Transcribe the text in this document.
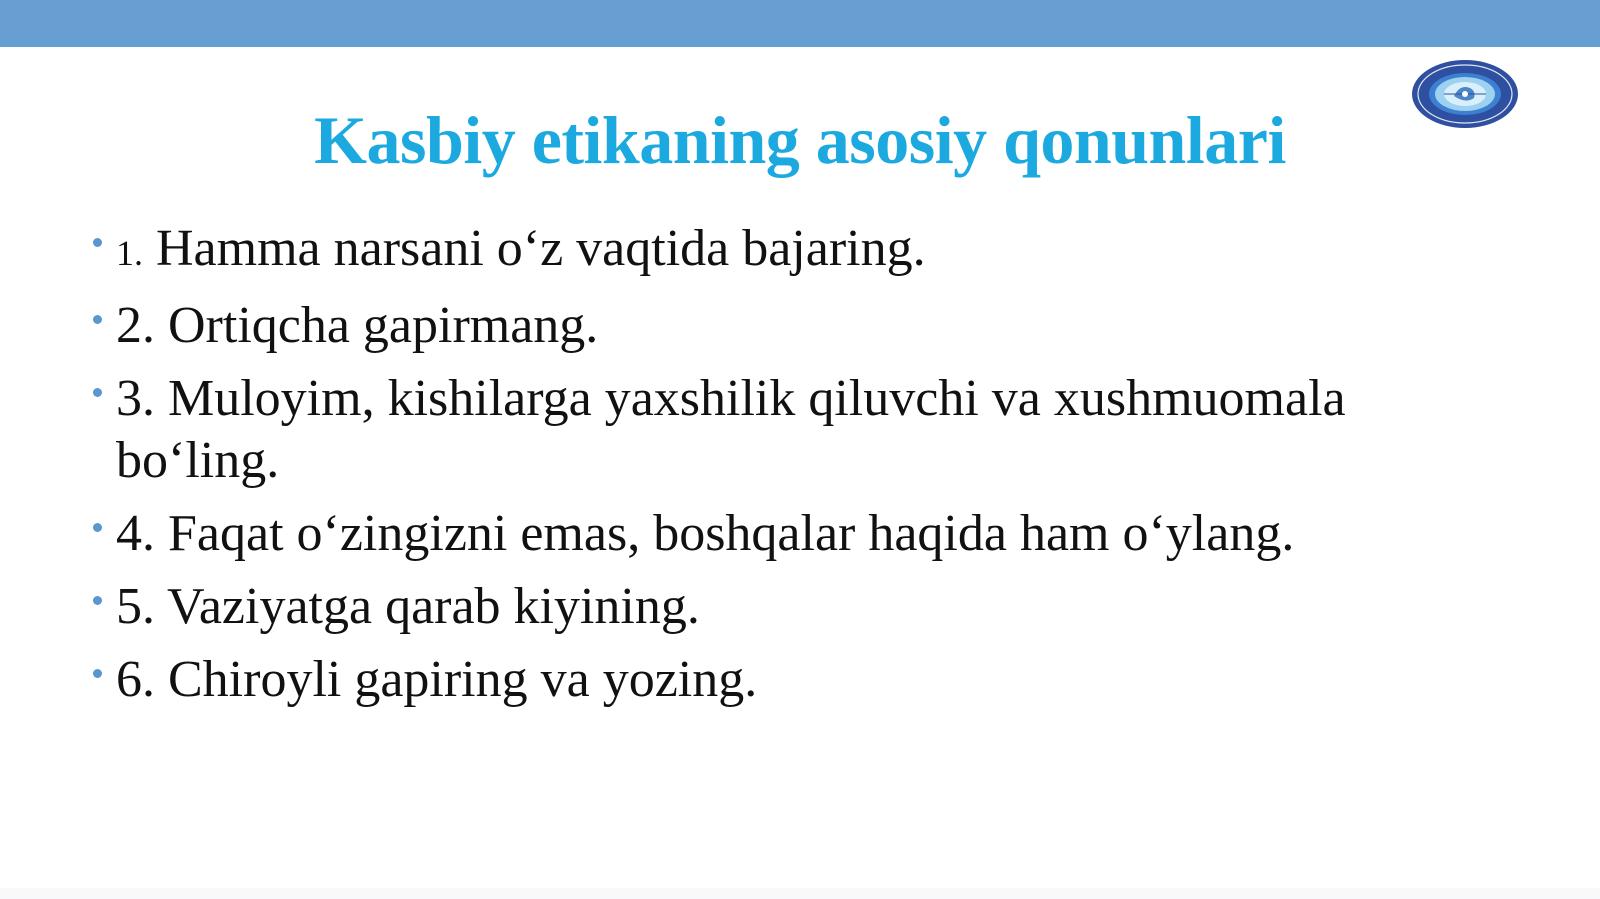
Kasbiy etikaning asosiy qonunlari
1. Hamma narsani o‘z vaqtida bajaring.
2. Ortiqcha gapirmang.
3. Muloyim, kishilarga yaxshilik qiluvchi va xushmuomala bo‘ling.
4. Faqat o‘zingizni emas, boshqalar haqida ham o‘ylang.
5. Vaziyatga qarab kiyining.
6. Chiroyli gapiring va yozing.
